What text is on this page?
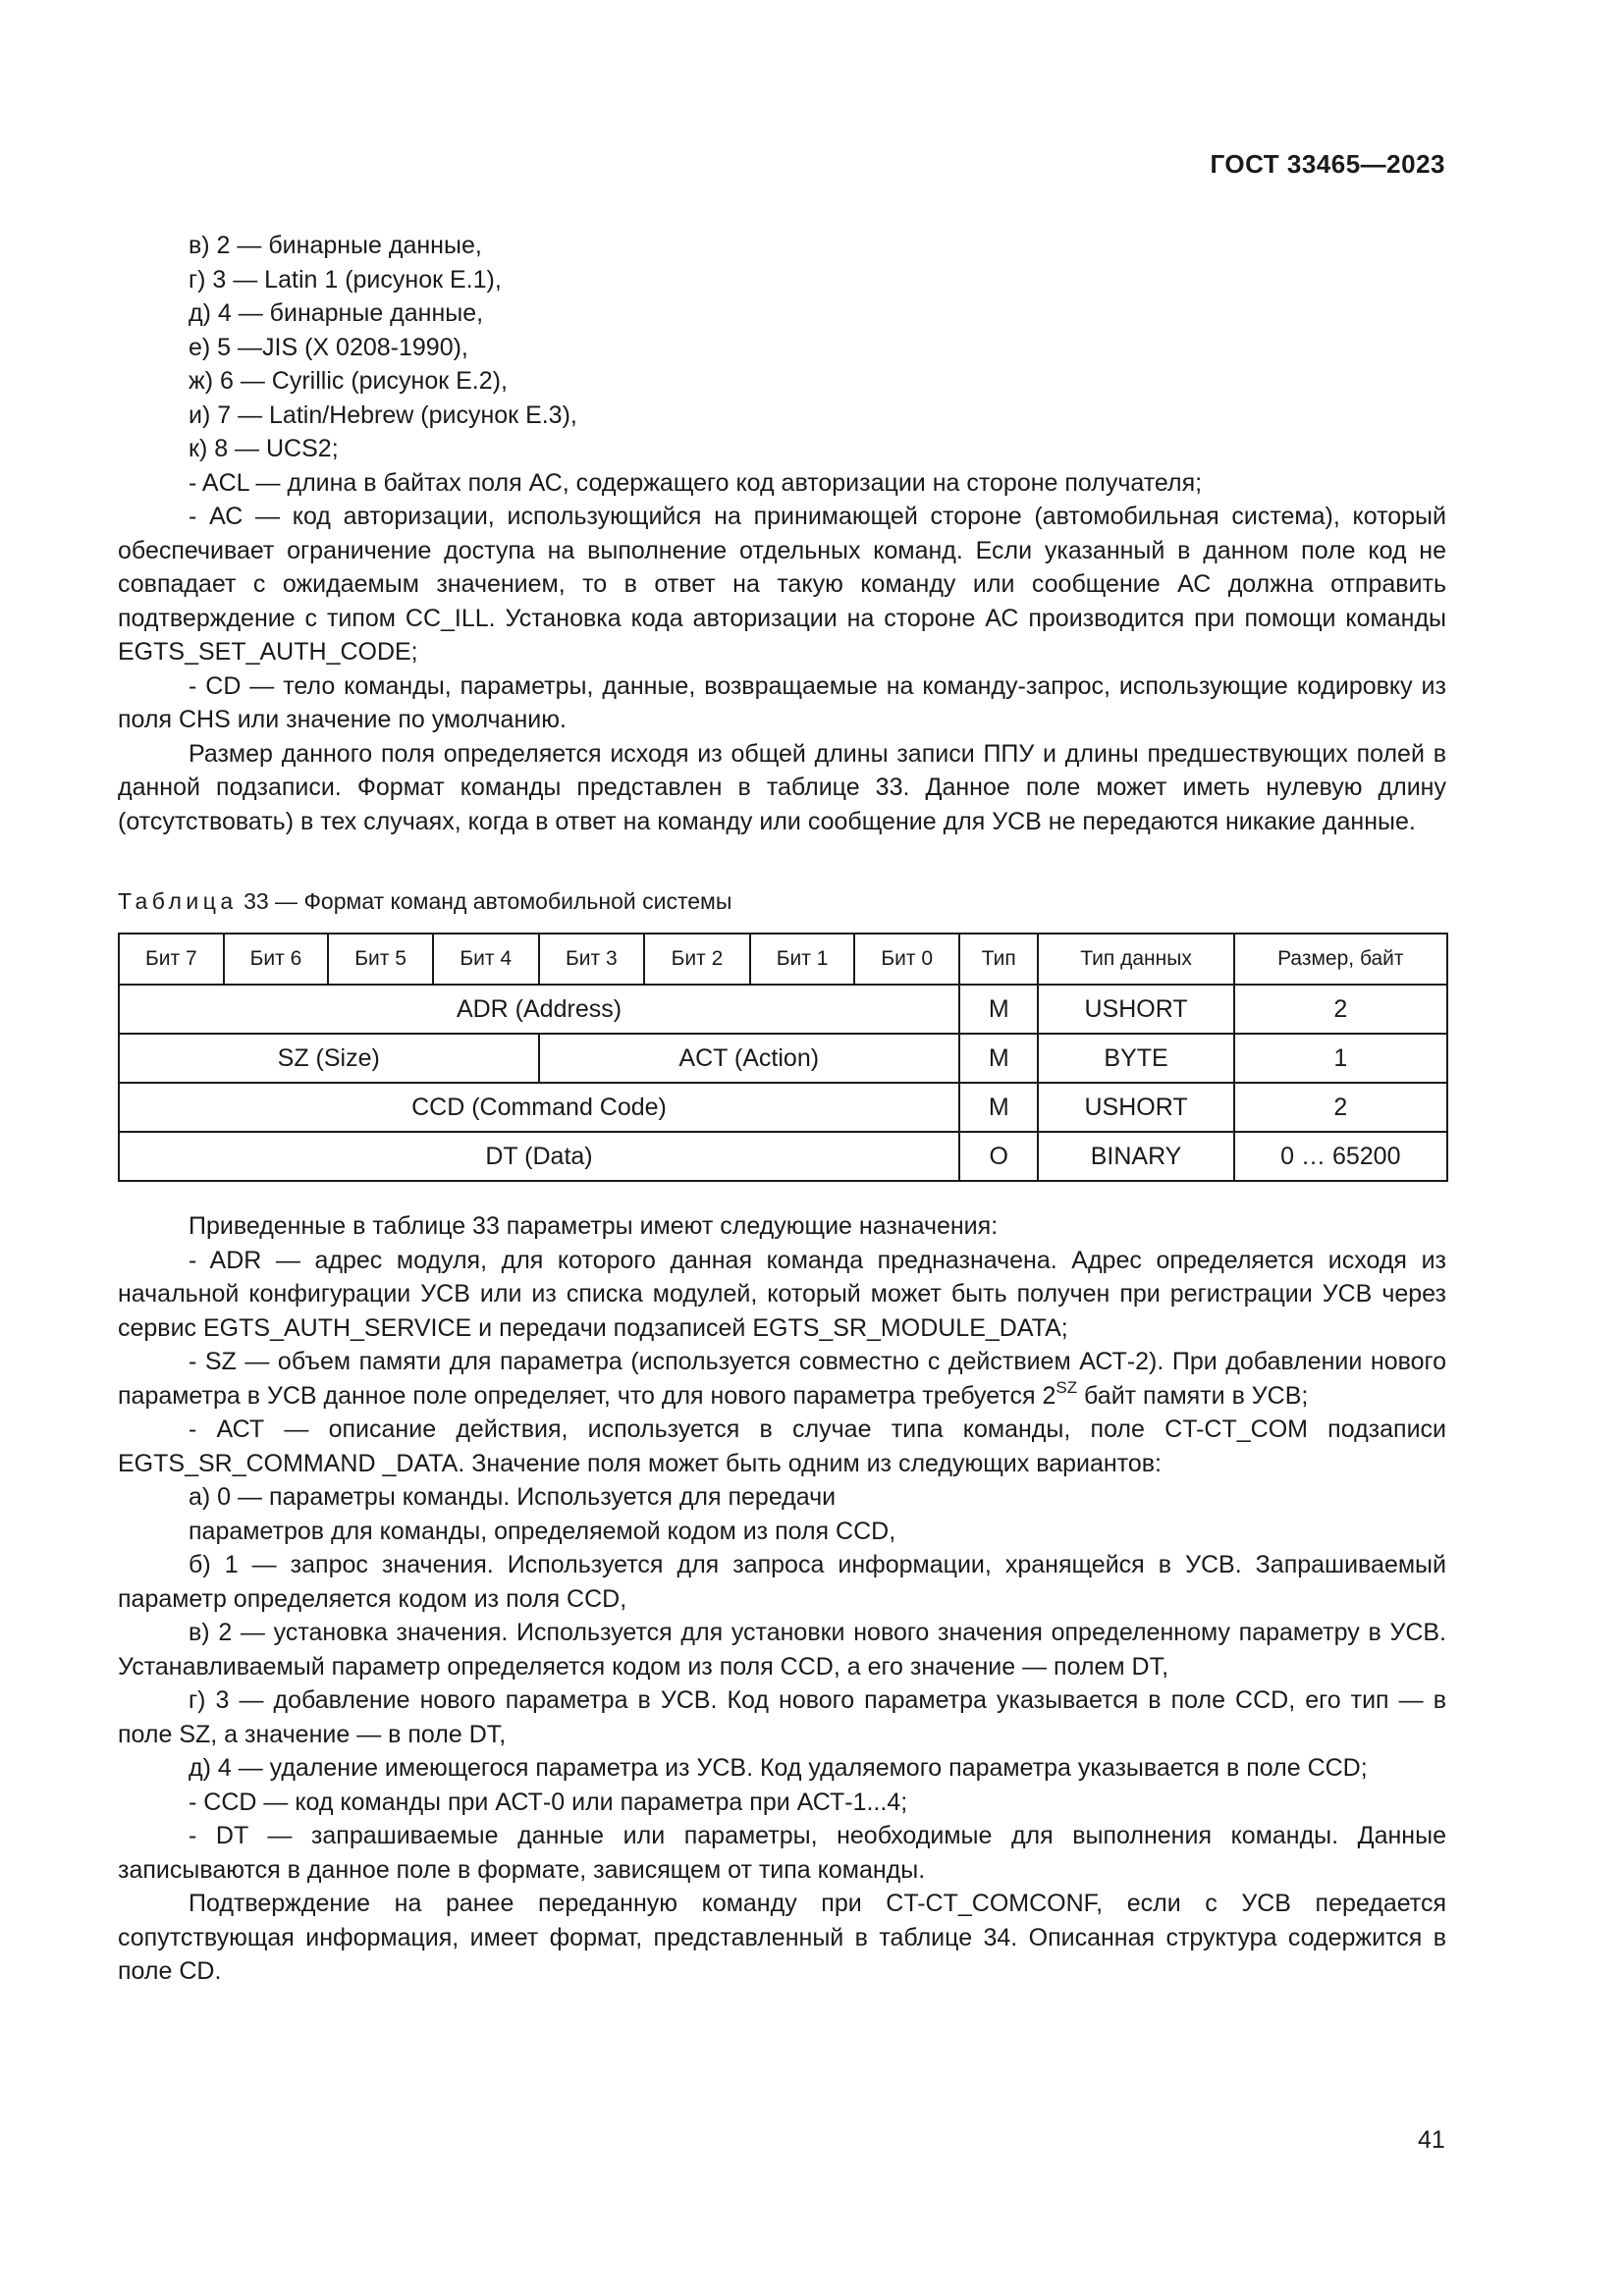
ГОСТ 33465—2023

в) 2 — бинарные данные,

г) 3 — Latin 1 (рисунок Е.1),

д) 4 — бинарные данные,

е) 5 —JIS (X 0208-1990),

ж) 6 — Cyrillic (рисунок Е.2),

и) 7 — Latin/Hebrew (рисунок Е.3),

к) 8 — UCS2;

- ACL — длина в байтах поля АС, содержащего код авторизации на стороне получателя;

- АС — код авторизации, использующийся на принимающей стороне (автомобильная система), который обеспечивает ограничение доступа на выполнение отдельных команд. Если указанный в данном поле код не совпадает с ожидаемым значением, то в ответ на такую команду или сообщение АС должна отправить подтверждение с типом CC_ILL. Установка кода авторизации на стороне АС производится при помощи команды EGTS_SET_AUTH_CODE;

- CD — тело команды, параметры, данные, возвращаемые на команду-запрос, использующие кодировку из поля CHS или значение по умолчанию.

Размер данного поля определяется исходя из общей длины записи ППУ и длины предшествующих полей в данной подзаписи. Формат команды представлен в таблице 33. Данное поле может иметь нулевую длину (отсутствовать) в тех случаях, когда в ответ на команду или сообщение для УСВ не передаются никакие данные.

Таблица 33 — Формат команд автомобильной системы
Бит 7	Бит 6	Бит 5	Бит 4	Бит 3	Бит 2	Бит 1	Бит 0	Тип	Тип данных	Размер, байт
ADR (Address)								M	USHORT	2
SZ (Size)				ACT (Action)				M	BYTE	1
CCD (Command Code)								M	USHORT	2
DT (Data)								O	BINARY	0 … 65200

Приведенные в таблице 33 параметры имеют следующие назначения:

- ADR — адрес модуля, для которого данная команда предназначена. Адрес определяется исходя из начальной конфигурации УСВ или из списка модулей, который может быть получен при регистрации УСВ через сервис EGTS_AUTH_SERVICE и передачи подзаписей EGTS_SR_MODULE_DATA;

- SZ — объем памяти для параметра (используется совместно с действием АСТ-2). При добавлении нового параметра в УСВ данное поле определяет, что для нового параметра требуется $2^{SZ}$ байт памяти в УСВ;

- АСТ — описание действия, используется в случае типа команды, поле CT-CT_COM подзаписи EGTS_SR_COMMAND _DATA. Значение поля может быть одним из следующих вариантов:

а) 0 — параметры команды. Используется для передачи

параметров для команды, определяемой кодом из поля CCD,

б) 1 — запрос значения. Используется для запроса информации, хранящейся в УСВ. Запрашиваемый параметр определяется кодом из поля CCD,

в) 2 — установка значения. Используется для установки нового значения определенному параметру в УСВ. Устанавливаемый параметр определяется кодом из поля CCD, а его значение — полем DT,

г) 3 — добавление нового параметра в УСВ. Код нового параметра указывается в поле CCD, его тип — в поле SZ, а значение — в поле DT,

д) 4 — удаление имеющегося параметра из УСВ. Код удаляемого параметра указывается в поле CCD;

- CCD — код команды при АСТ-0 или параметра при АСТ-1...4;

- DT — запрашиваемые данные или параметры, необходимые для выполнения команды. Данные записываются в данное поле в формате, зависящем от типа команды.

Подтверждение на ранее переданную команду при CT-CT_COMCONF, если с УСВ передается сопутствующая информация, имеет формат, представленный в таблице 34. Описанная структура содержится в поле CD.

41
